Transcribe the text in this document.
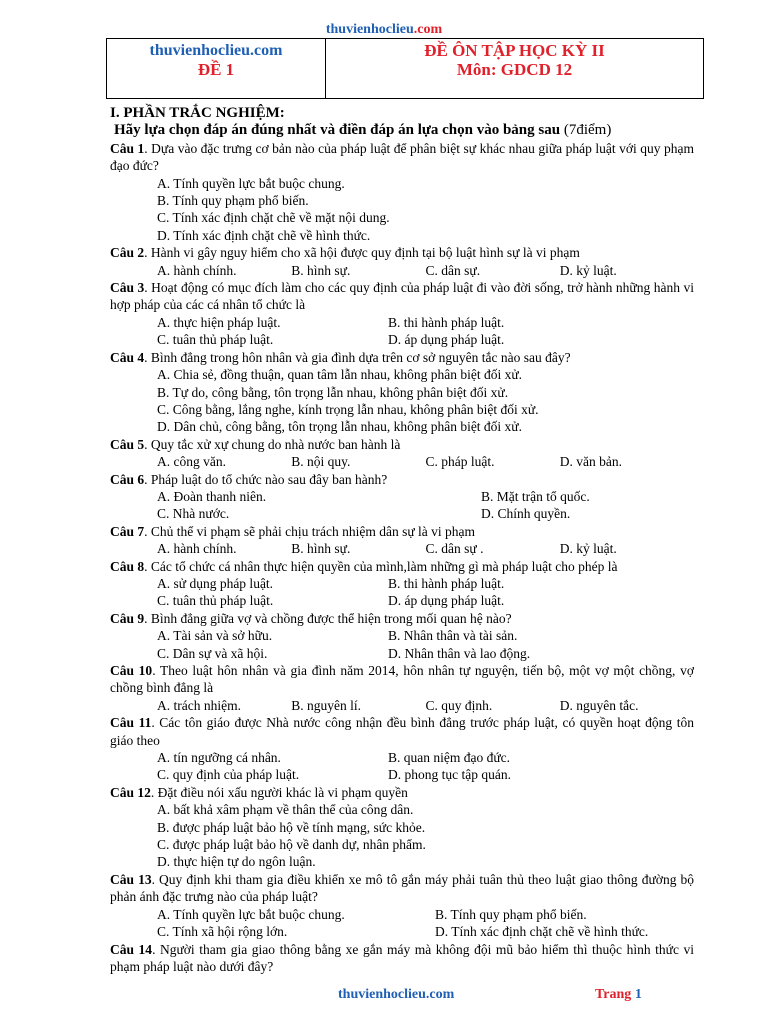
thuvienhoclieu.com
thuvienhoclieu.com
ĐỀ 1
ĐỀ ÔN TẬP HỌC KỲ II
Môn: GDCD 12
I. PHẦN TRẮC NGHIỆM:
Hãy lựa chọn đáp án đúng nhất và điền đáp án lựa chọn vào bảng sau (7điểm)
Câu 1. Dựa vào đặc trưng cơ bản nào của pháp luật để phân biệt sự khác nhau giữa pháp luật với quy phạm đạo đức?
A. Tính quyền lực bắt buộc chung.
B. Tính quy phạm phổ biến.
C. Tính xác định chặt chẽ về mặt nội dung.
D. Tính xác định chặt chẽ về hình thức.
Câu 2. Hành vi gây nguy hiểm cho xã hội được quy định tại bộ luật hình sự là vi phạm
A. hành chính.	B. hình sự.	C. dân sự.	D. kỷ luật.
Câu 3. Hoạt động có mục đích làm cho các quy định của pháp luật đi vào đời sống, trở hành những hành vi hợp pháp của các cá nhân tổ chức là
A. thực hiện pháp luật.	B. thi hành pháp luật.
C. tuân thủ pháp luật.	D. áp dụng pháp luật.
Câu 4. Bình đẳng trong hôn nhân và gia đình dựa trên cơ sở nguyên tắc nào sau đây?
A. Chia sẻ, đồng thuận, quan tâm lẫn nhau, không phân biệt đối xử.
B. Tự do, công bằng, tôn trọng lẫn nhau, không phân biệt đối xử.
C. Công bằng, lắng nghe, kính trọng lẫn nhau, không phân biệt đối xử.
D. Dân chủ, công bằng, tôn trọng lẫn nhau, không phân biệt đối xử.
Câu 5. Quy tắc xử xự chung do nhà nước ban hành là
A. công văn.	B. nội quy.	C. pháp luật.	D. văn bản.
Câu 6. Pháp luật do tổ chức nào sau đây ban hành?
A. Đoàn thanh niên.	B. Mặt trận tổ quốc.
C. Nhà nước.	D. Chính quyền.
Câu 7. Chủ thể vi phạm sẽ phải chịu trách nhiệm dân sự là vi phạm
A. hành chính.	B. hình sự.	C. dân sự .	D. kỷ luật.
Câu 8. Các tổ chức cá nhân thực hiện quyền của mình,làm những gì mà pháp luật cho phép là
A. sử dụng pháp luật.	B. thi hành pháp luật.
C. tuân thủ pháp luật.	D. áp dụng pháp luật.
Câu 9. Bình đẳng giữa vợ và chồng được thể hiện trong mối quan hệ nào?
A. Tài sản và sở hữu.	B. Nhân thân và tài sản.
C. Dân sự và xã hội.	D. Nhân thân và lao động.
Câu 10. Theo luật hôn nhân và gia đình năm 2014, hôn nhân tự nguyện, tiến bộ, một vợ một chồng, vợ chồng bình đẳng là
A. trách nhiệm.	B. nguyên lí.	C. quy định.	D. nguyên tắc.
Câu 11. Các tôn giáo được Nhà nước công nhận đều bình đẳng trước pháp luật, có quyền hoạt động tôn giáo theo
A. tín ngưỡng cá nhân.	B. quan niệm đạo đức.
C. quy định của pháp luật.	D. phong tục tập quán.
Câu 12. Đặt điều nói xấu người khác là vi phạm quyền
A. bất khả xâm phạm về thân thể của công dân.
B. được pháp luật bảo hộ về tính mạng, sức khỏe.
C. được pháp luật bảo hộ về danh dự, nhân phẩm.
D. thực hiện tự do ngôn luận.
Câu 13. Quy định khi tham gia điều khiển xe mô tô gắn máy phải tuân thủ theo luật giao thông đường bộ phản ánh đặc trưng nào của pháp luật?
A. Tính quyền lực bắt buộc chung.	B. Tính quy phạm phổ biến.
C. Tính xã hội rộng lớn.	D. Tính xác định chặt chẽ về hình thức.
Câu 14. Người tham gia giao thông bằng xe gắn máy mà không đội mũ bảo hiểm thì thuộc hình thức vi phạm pháp luật nào dưới đây?
thuvienhoclieu.com	Trang 1
